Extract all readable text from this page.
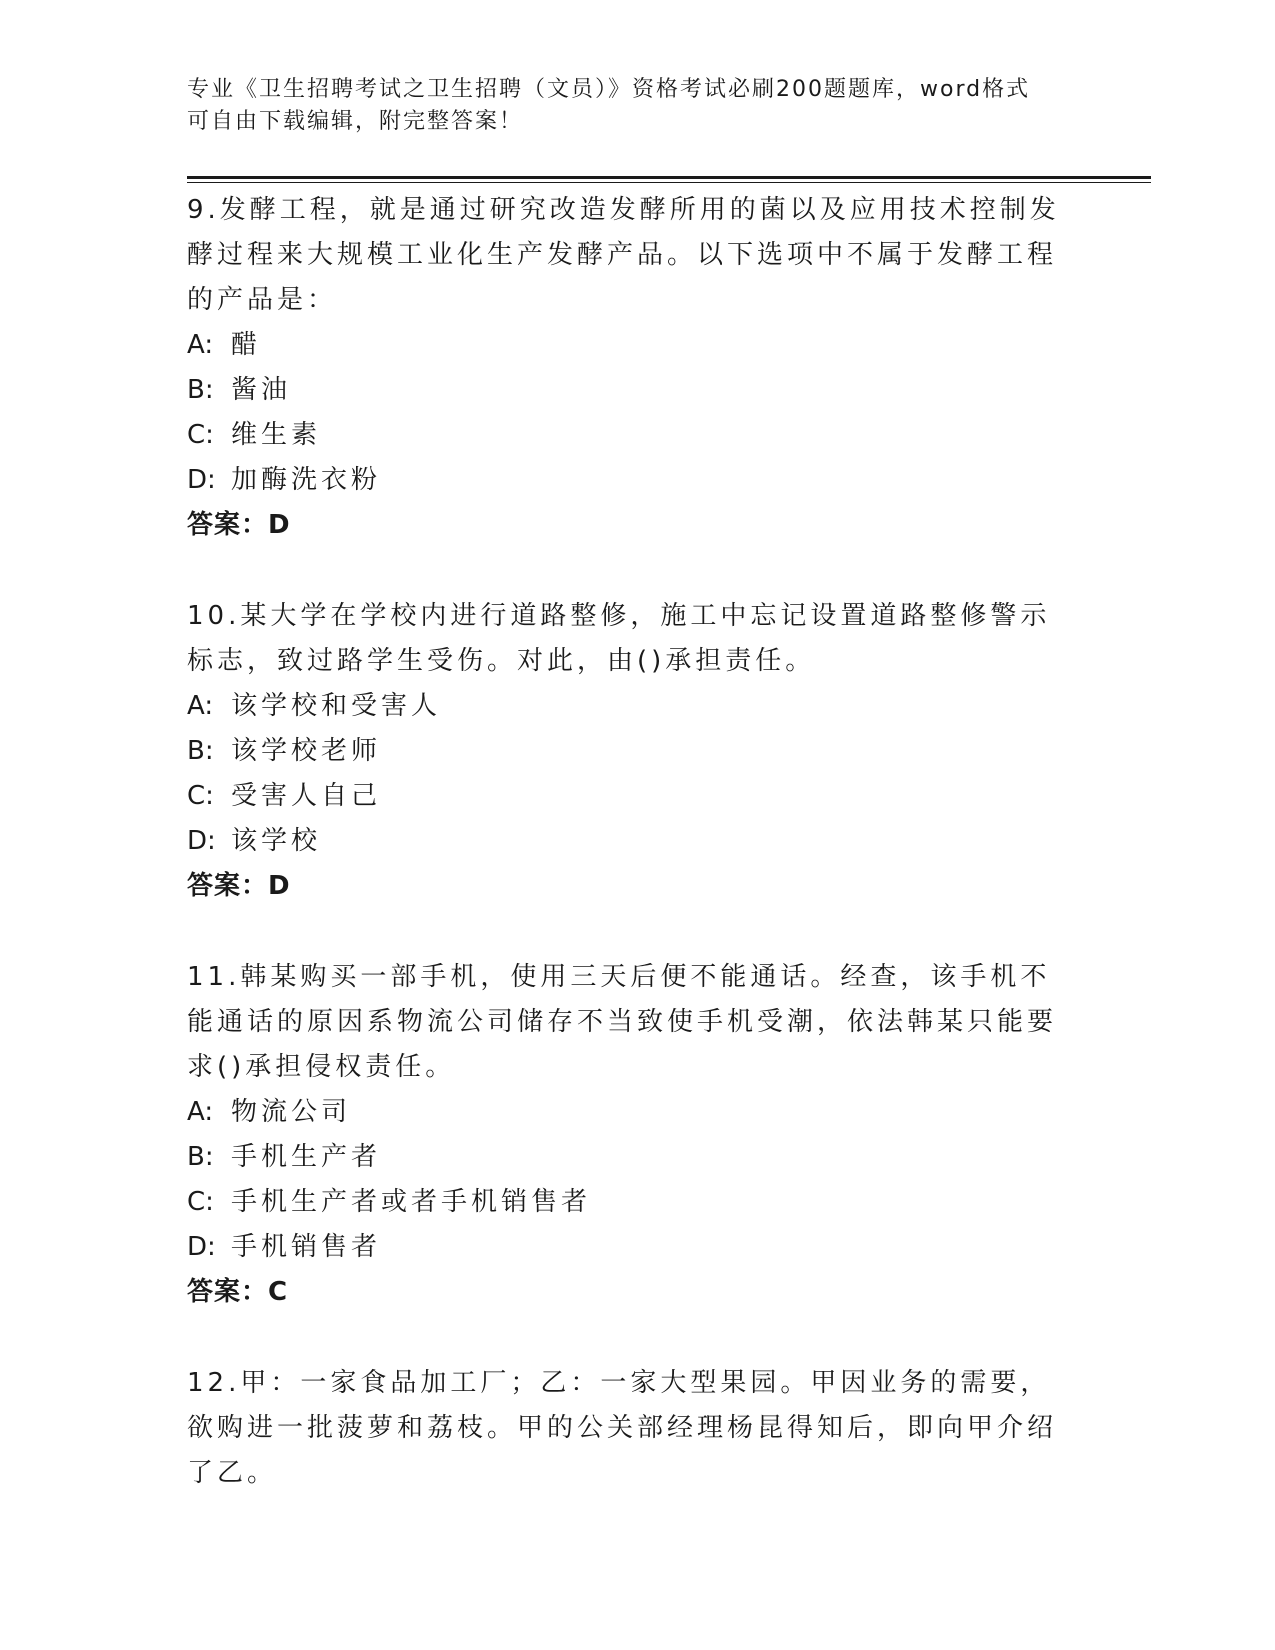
专业《卫生招聘考试之卫生招聘（文员）》资格考试必刷200题题库，word格式
可自由下载编辑，附完整答案！
9.发酵工程，就是通过研究改造发酵所用的菌以及应用技术控制发酵过程来大规模工业化生产发酵产品。以下选项中不属于发酵工程的产品是：
A: 醋
B: 酱油
C: 维生素
D: 加酶洗衣粉
答案：D
10.某大学在学校内进行道路整修，施工中忘记设置道路整修警示标志，致过路学生受伤。对此，由()承担责任。
A: 该学校和受害人
B: 该学校老师
C: 受害人自己
D: 该学校
答案：D
11.韩某购买一部手机，使用三天后便不能通话。经查，该手机不能通话的原因系物流公司储存不当致使手机受潮，依法韩某只能要求()承担侵权责任。
A: 物流公司
B: 手机生产者
C: 手机生产者或者手机销售者
D: 手机销售者
答案：C
12.甲：一家食品加工厂；乙：一家大型果园。甲因业务的需要，欲购进一批菠萝和荔枝。甲的公关部经理杨昆得知后，即向甲介绍了乙。
